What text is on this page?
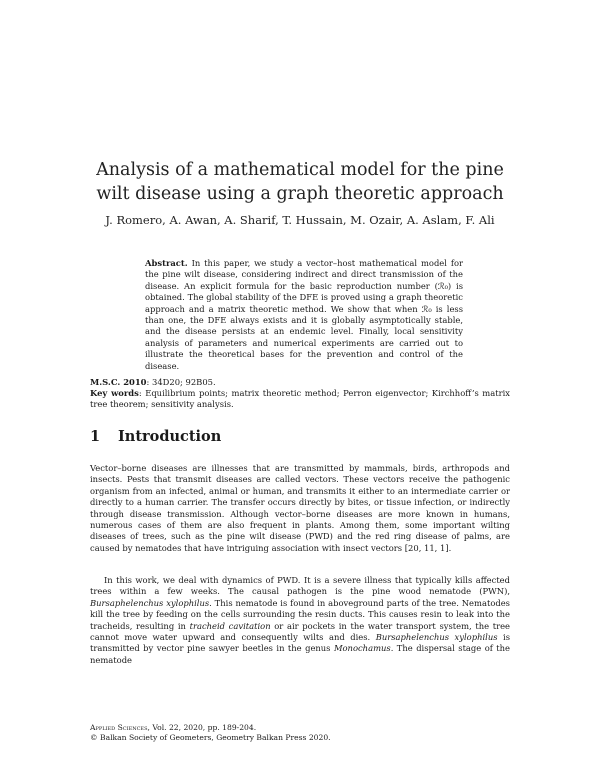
Analysis of a mathematical model for the pine wilt disease using a graph theoretic approach
J. Romero, A. Awan, A. Sharif, T. Hussain, M. Ozair, A. Aslam, F. Ali
Abstract. In this paper, we study a vector–host mathematical model for the pine wilt disease, considering indirect and direct transmission of the disease. An explicit formula for the basic reproduction number (ℛ₀) is obtained. The global stability of the DFE is proved using a graph theoretic approach and a matrix theoretic method. We show that when ℛ₀ is less than one, the DFE always exists and it is globally asymptotically stable, and the disease persists at an endemic level. Finally, local sensitivity analysis of parameters and numerical experiments are carried out to illustrate the theoretical bases for the prevention and control of the disease.
M.S.C. 2010: 34D20; 92B05.
Key words: Equilibrium points; matrix theoretic method; Perron eigenvector; Kirchhoff’s matrix tree theorem; sensitivity analysis.
1 Introduction
Vector–borne diseases are illnesses that are transmitted by mammals, birds, arthropods and insects. Pests that transmit diseases are called vectors. These vectors receive the pathogenic organism from an infected, animal or human, and transmits it either to an intermediate carrier or directly to a human carrier. The transfer occurs directly by bites, or tissue infection, or indirectly through disease transmission. Although vector–borne diseases are more known in humans, numerous cases of them are also frequent in plants. Among them, some important wilting diseases of trees, such as the pine wilt disease (PWD) and the red ring disease of palms, are caused by nematodes that have intriguing association with insect vectors [20, 11, 1].
In this work, we deal with dynamics of PWD. It is a severe illness that typically kills affected trees within a few weeks. The causal pathogen is the pine wood nematode (PWN), Bursaphelenchus xylophilus. This nematode is found in aboveground parts of the tree. Nematodes kill the tree by feeding on the cells surrounding the resin ducts. This causes resin to leak into the tracheids, resulting in tracheid cavitation or air pockets in the water transport system, the tree cannot move water upward and consequently wilts and dies. Bursaphelenchus xylophilus is transmitted by vector pine sawyer beetles in the genus Monochamus. The dispersal stage of the nematode
Applied Sciences, Vol. 22, 2020, pp. 189-204.
© Balkan Society of Geometers, Geometry Balkan Press 2020.
